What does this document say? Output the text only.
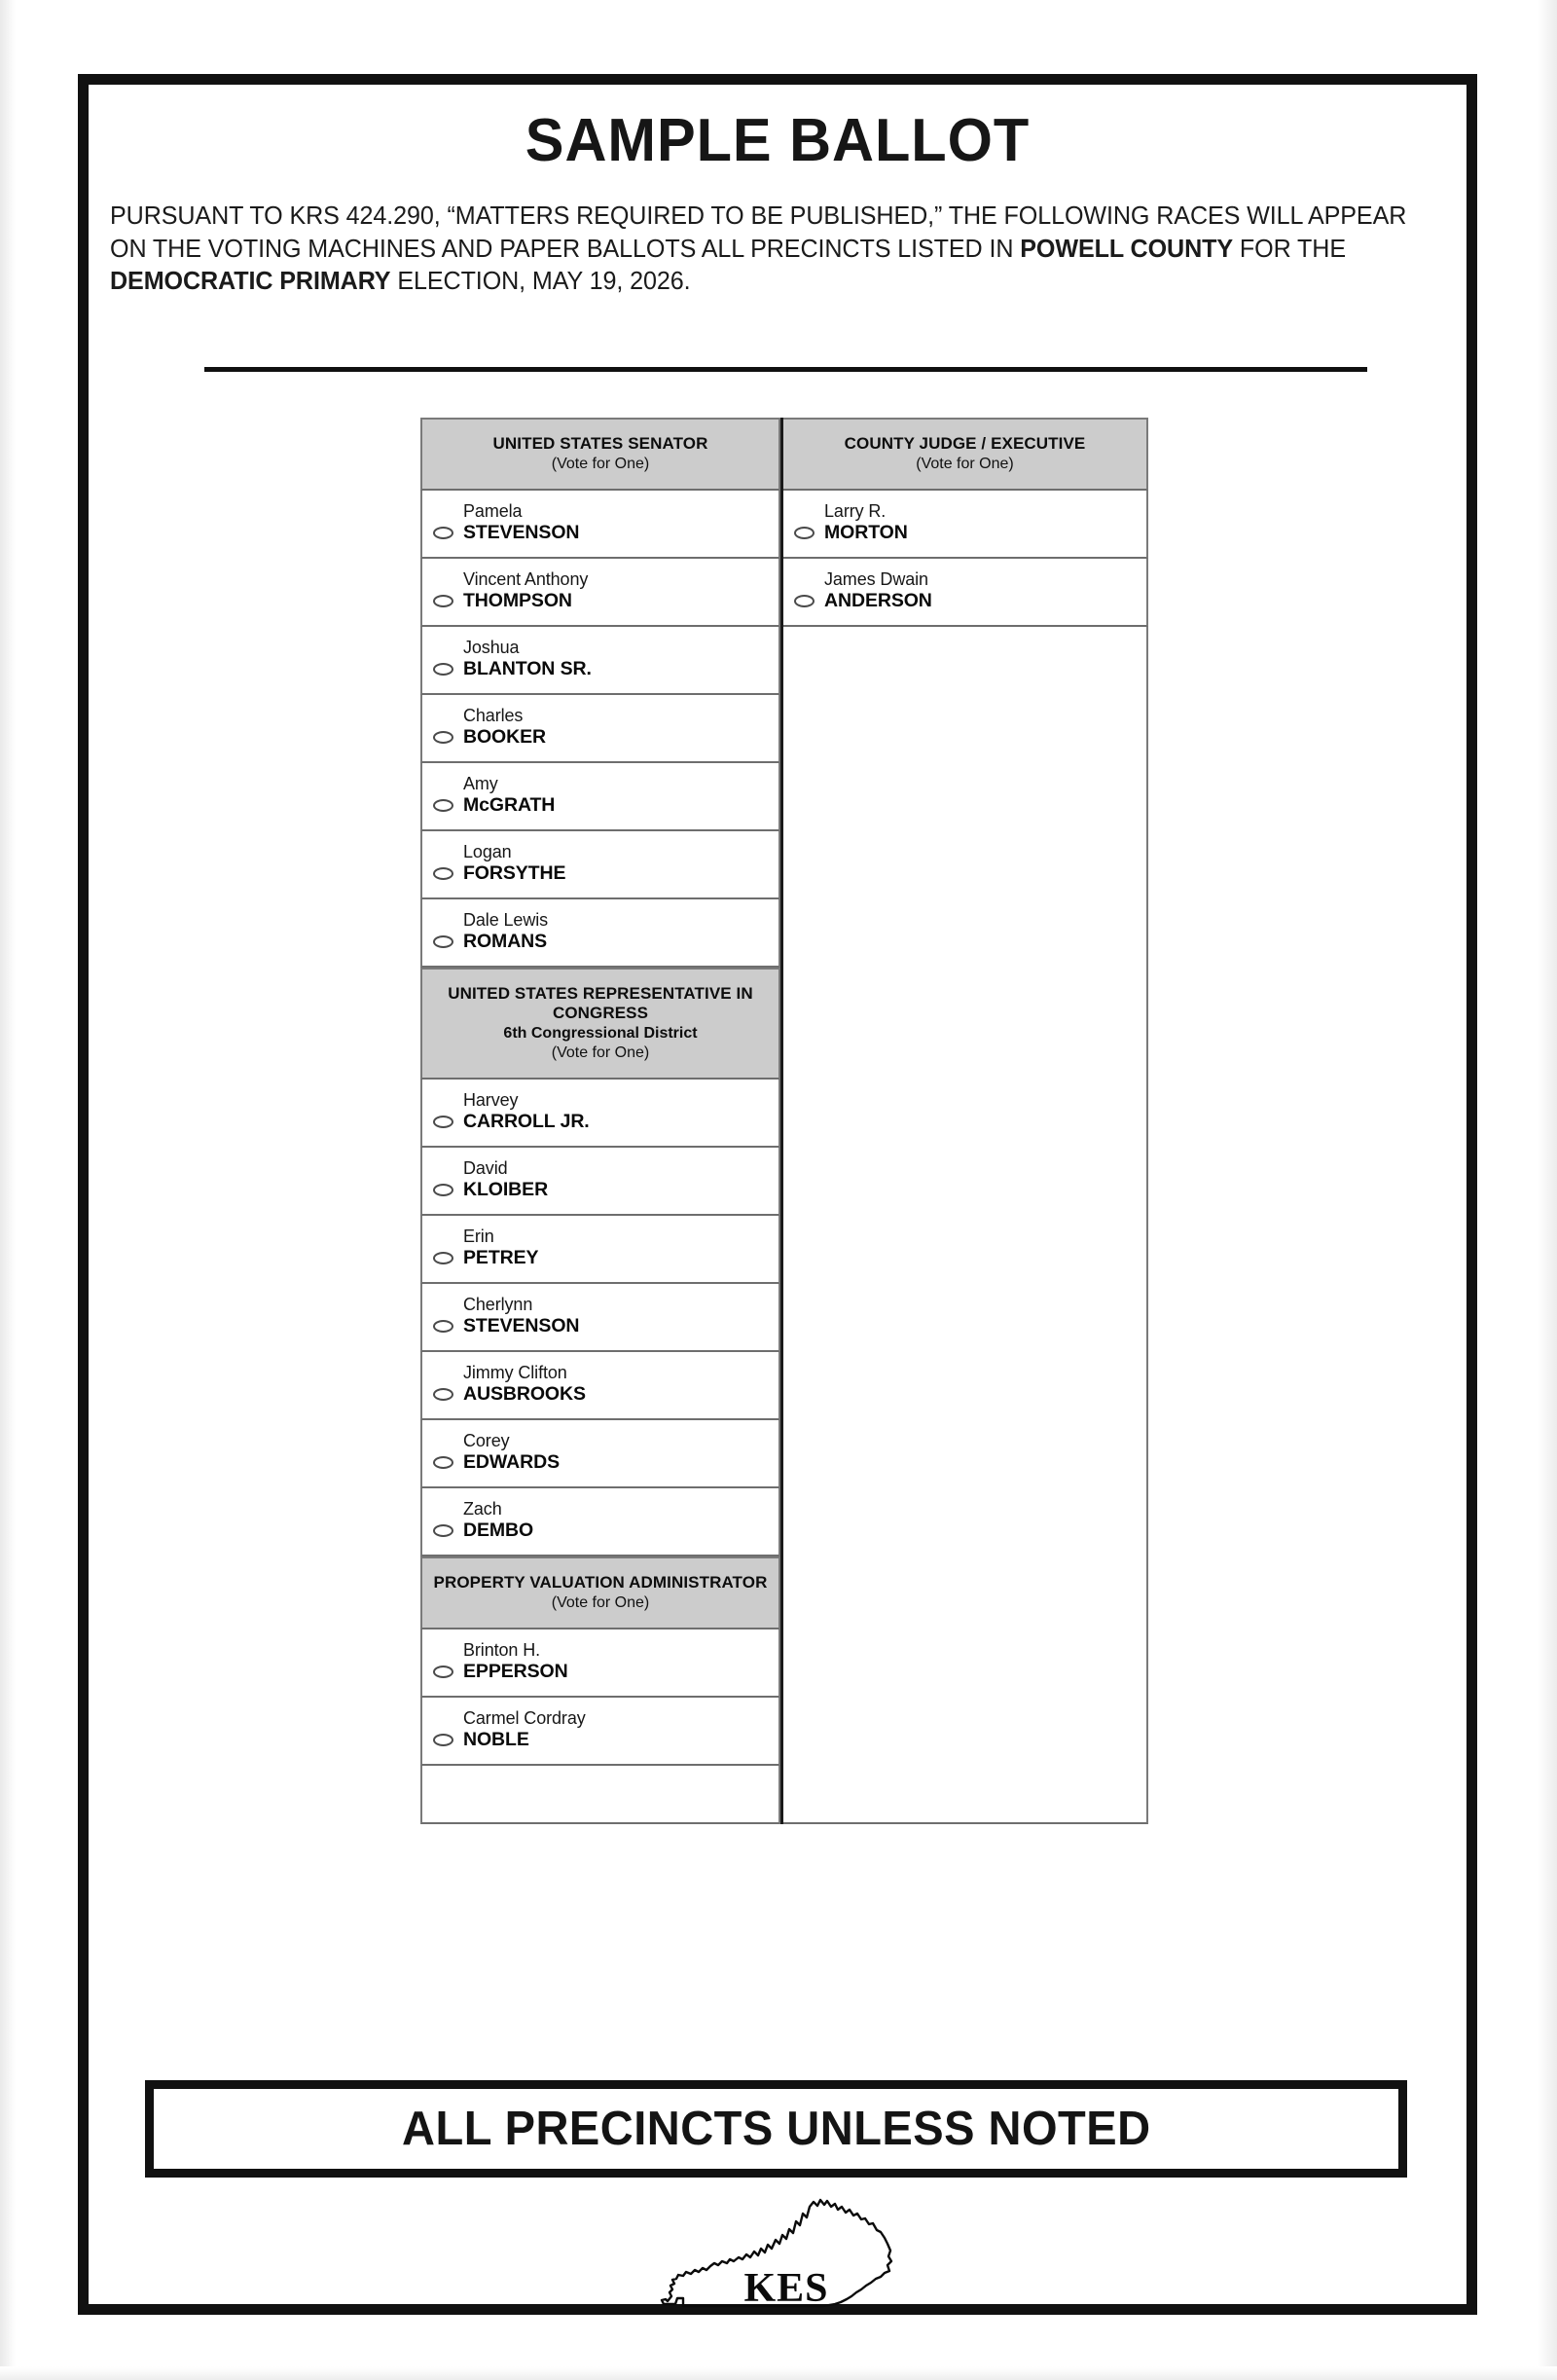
SAMPLE BALLOT
PURSUANT TO KRS 424.290, “MATTERS REQUIRED TO BE PUBLISHED,” THE FOLLOWING RACES WILL APPEAR ON THE VOTING MACHINES AND PAPER BALLOTS ALL PRECINCTS LISTED IN POWELL COUNTY FOR THE DEMOCRATIC PRIMARY ELECTION, MAY 19, 2026.
UNITED STATES SENATOR
(Vote for One)
Pamela
STEVENSON
Vincent Anthony
THOMPSON
Joshua
BLANTON SR.
Charles
BOOKER
Amy
McGRATH
Logan
FORSYTHE
Dale Lewis
ROMANS
UNITED STATES REPRESENTATIVE IN CONGRESS
6th Congressional District
(Vote for One)
Harvey
CARROLL JR.
David
KLOIBER
Erin
PETREY
Cherlynn
STEVENSON
Jimmy Clifton
AUSBROOKS
Corey
EDWARDS
Zach
DEMBO
PROPERTY VALUATION ADMINISTRATOR
(Vote for One)
Brinton H.
EPPERSON
Carmel Cordray
NOBLE

COUNTY JUDGE / EXECUTIVE
(Vote for One)
Larry R.
MORTON
James Dwain
ANDERSON
ALL PRECINCTS UNLESS NOTED
KES
